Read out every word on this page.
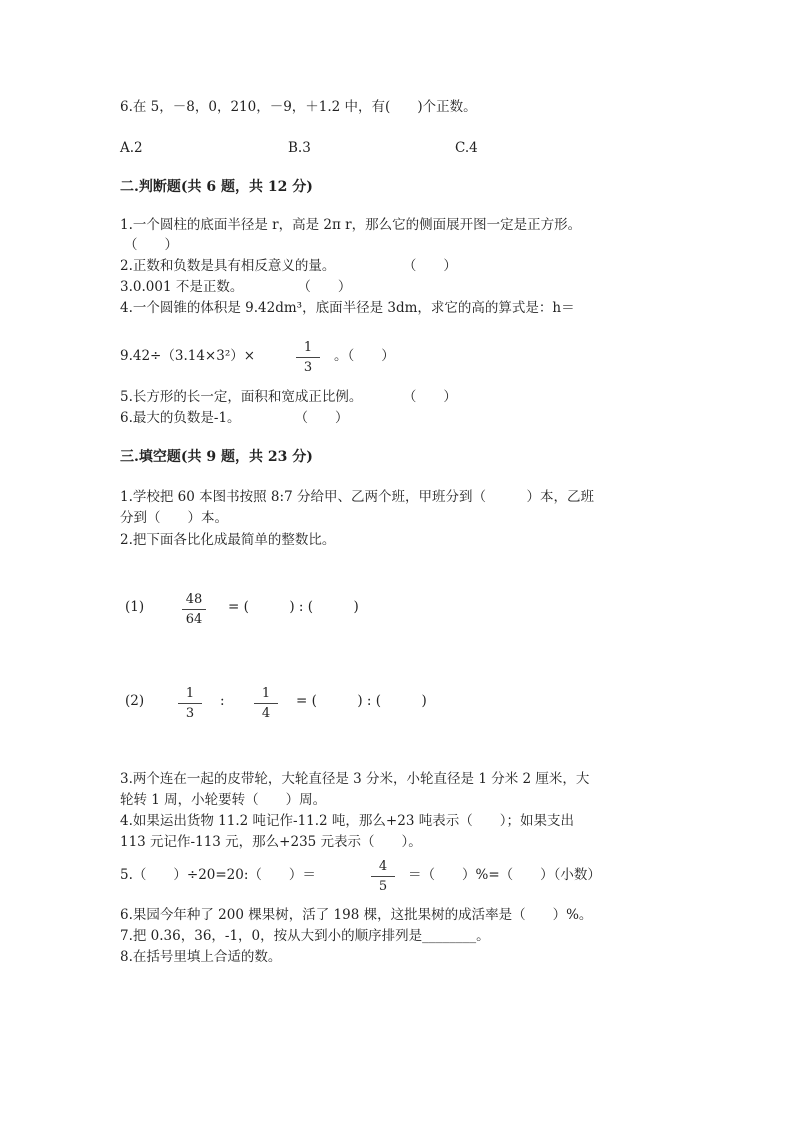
6.在 5，－8，0，210，－9，＋1.2 中，有(　　)个正数。
A.2	B.3	C.4
二.判断题(共 6 题，共 12 分)
1.一个圆柱的底面半径是 r，高是 2π r，那么它的侧面展开图一定是正方形。
（　　）
2.正数和负数是具有相反意义的量。　　　　　　（　　）
3.0.001 不是正数。　　　　　（　　）
4.一个圆锥的体积是 9.42dm³，底面半径是 3dm，求它的高的算式是：h＝
9.42÷（3.14×3²）×
1
3
。（　　）
5.长方形的长一定，面积和宽成正比例。　　　　（　　）
6.最大的负数是-1。　　　　　（　　）
三.填空题(共 9 题，共 23 分)
1.学校把 60 本图书按照 8:7 分给甲、乙两个班，甲班分到（　　　）本，乙班
分到（　　）本。
2.把下面各比化成最简单的整数比。
(1)	48
64
= (　　　) : (　　　)
(2)	1
3
:	1
4
= (　　　) : (　　　)
3.两个连在一起的皮带轮，大轮直径是 3 分米，小轮直径是 1 分米 2 厘米，大
轮转 1 周，小轮要转（　　）周。
4.如果运出货物 11.2 吨记作-11.2 吨，那么+23 吨表示（　　）；如果支出
113 元记作-113 元，那么+235 元表示（　　）。
5.（　　）÷20=20:（　　）＝
4
5
＝（　　）%=（　　）（小数）
6.果园今年种了 200 棵果树，活了 198 棵，这批果树的成活率是（　　）%。
7.把 0.36，36，-1，0，按从大到小的顺序排列是________。
8.在括号里填上合适的数。
